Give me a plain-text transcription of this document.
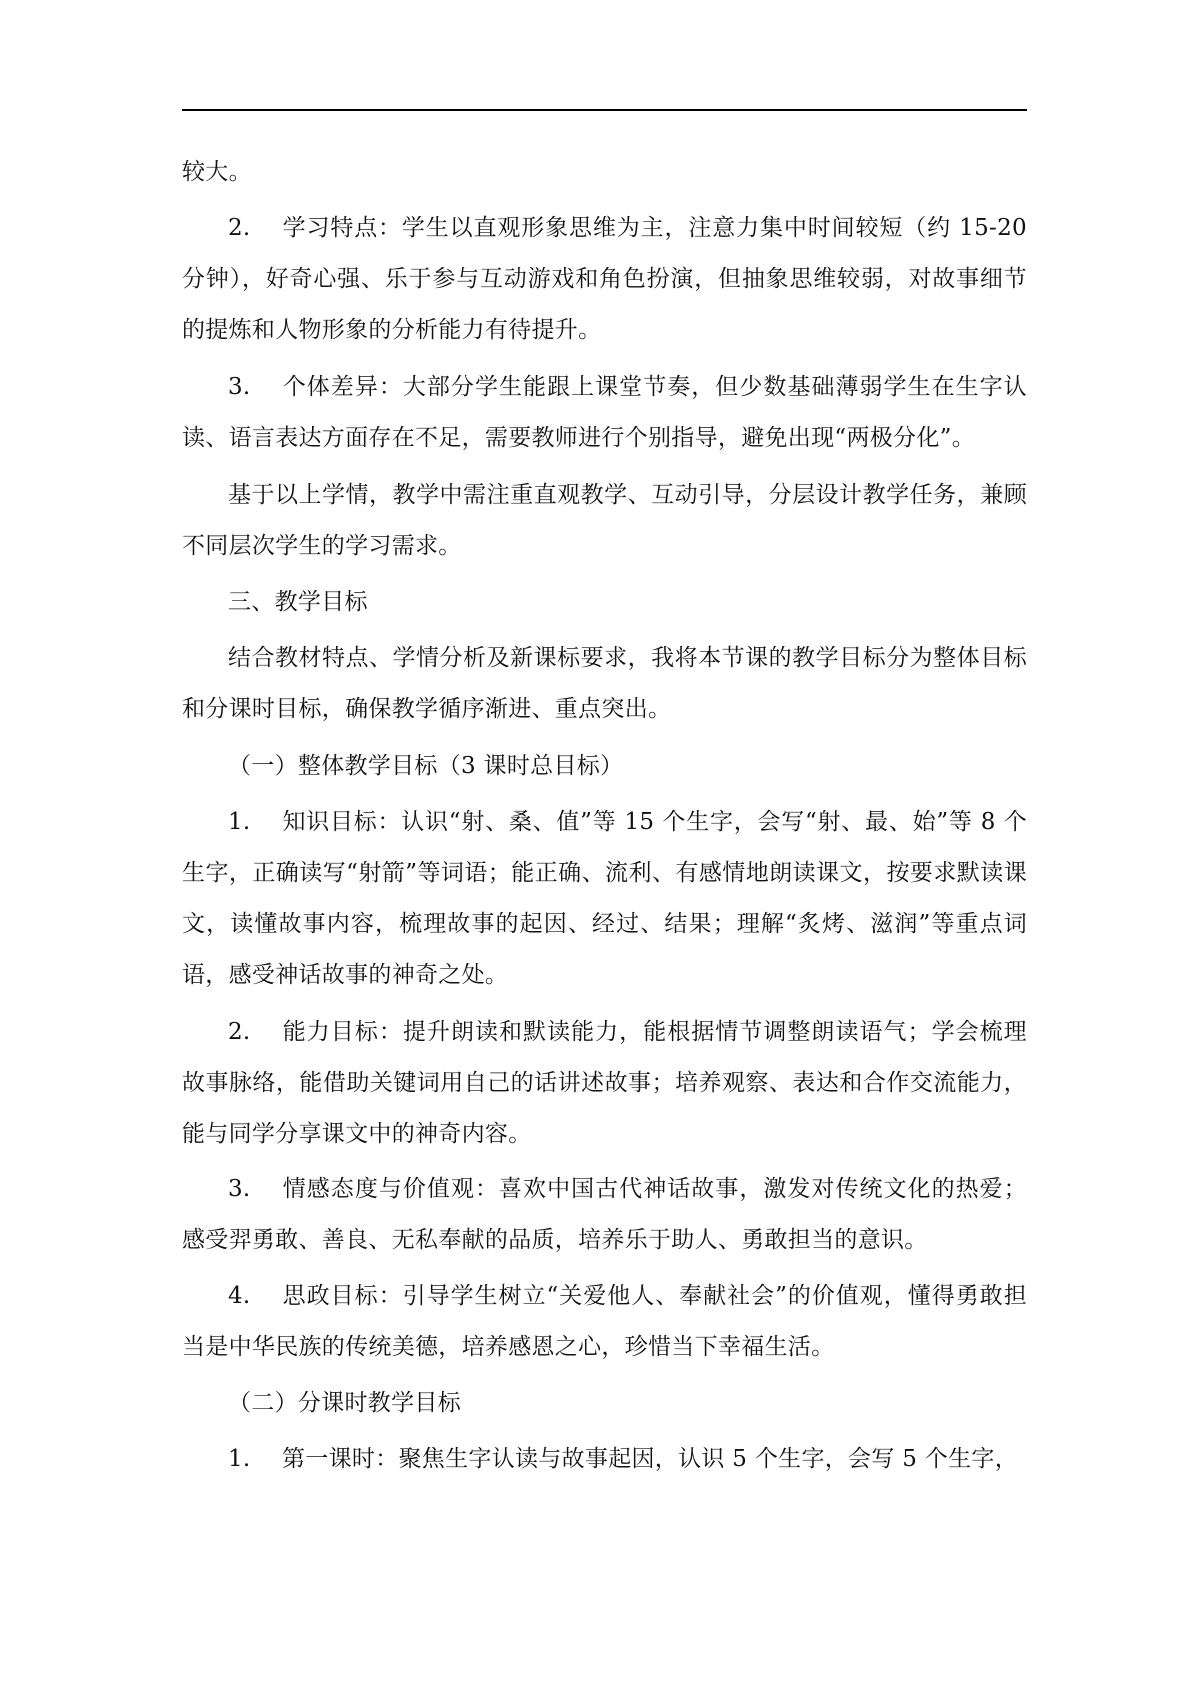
较大。

2. 学习特点：学生以直观形象思维为主，注意力集中时间较短（约 15-20 分钟），好奇心强、乐于参与互动游戏和角色扮演，但抽象思维较弱，对故事细节的提炼和人物形象的分析能力有待提升。

3. 个体差异：大部分学生能跟上课堂节奏，但少数基础薄弱学生在生字认读、语言表达方面存在不足，需要教师进行个别指导，避免出现“两极分化”。

基于以上学情，教学中需注重直观教学、互动引导，分层设计教学任务，兼顾不同层次学生的学习需求。

三、教学目标

结合教材特点、学情分析及新课标要求，我将本节课的教学目标分为整体目标和分课时目标，确保教学循序渐进、重点突出。

（一）整体教学目标（3 课时总目标）

1. 知识目标：认识“射、桑、值”等 15 个生字，会写“射、最、始”等 8 个生字，正确读写“射箭”等词语；能正确、流利、有感情地朗读课文，按要求默读课文，读懂故事内容，梳理故事的起因、经过、结果；理解“炙烤、滋润”等重点词语，感受神话故事的神奇之处。

2. 能力目标：提升朗读和默读能力，能根据情节调整朗读语气；学会梳理故事脉络，能借助关键词用自己的话讲述故事；培养观察、表达和合作交流能力，能与同学分享课文中的神奇内容。

3. 情感态度与价值观：喜欢中国古代神话故事，激发对传统文化的热爱；感受羿勇敢、善良、无私奉献的品质，培养乐于助人、勇敢担当的意识。

4. 思政目标：引导学生树立“关爱他人、奉献社会”的价值观，懂得勇敢担当是中华民族的传统美德，培养感恩之心，珍惜当下幸福生活。

（二）分课时教学目标

1. 第一课时：聚焦生字认读与故事起因，认识 5 个生字，会写 5 个生字，
